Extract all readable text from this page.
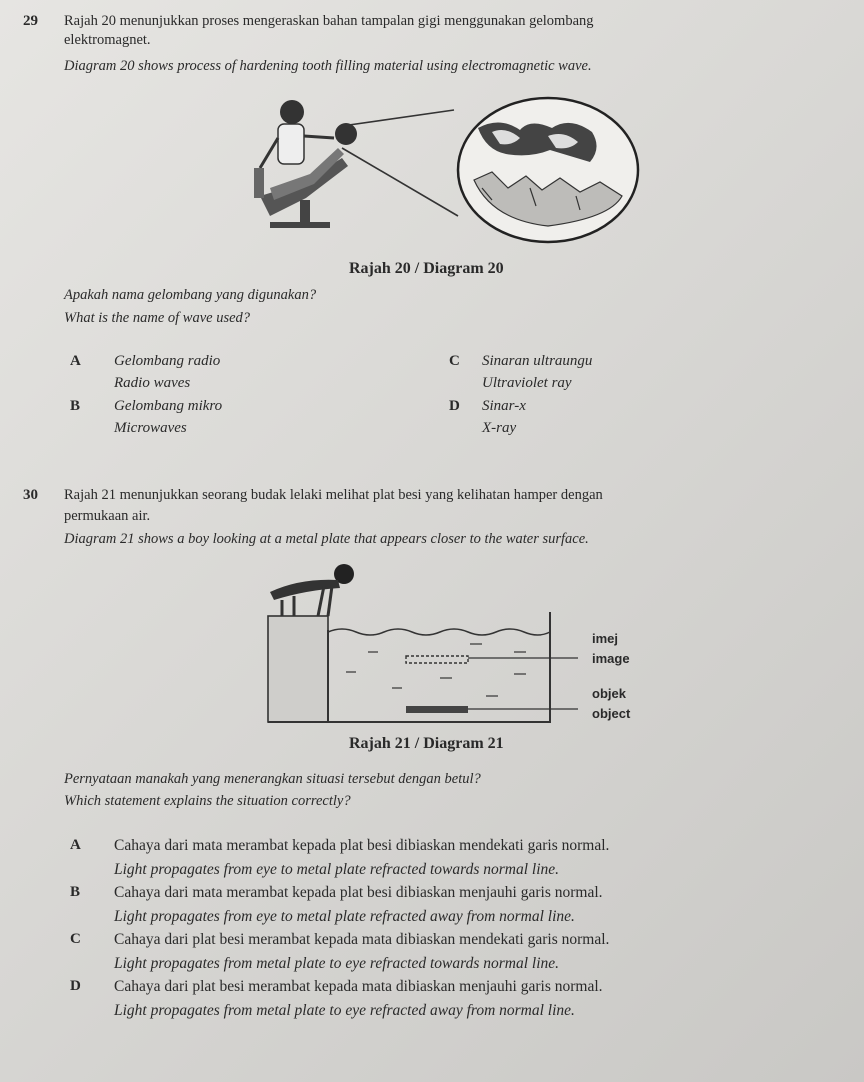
29 Rajah 20 menunjukkan proses mengeraskan bahan tampalan gigi menggunakan gelombang
elektromagnet.
Diagram 20 shows process of hardening tooth filling material using electromagnetic wave.
Rajah 20 / Diagram 20
Apakah nama gelombang yang digunakan?
What is the name of wave used?
A Gelombang radio
Radio waves
B Gelombang mikro
Microwaves
C Sinaran ultraungu
Ultraviolet ray
D Sinar-x
X-ray
30 Rajah 21 menunjukkan seorang budak lelaki melihat plat besi yang kelihatan hamper dengan
permukaan air.
Diagram 21 shows a boy looking at a metal plate that appears closer to the water surface.
imej
image
objek
object
Rajah 21 / Diagram 21
Pernyataan manakah yang menerangkan situasi tersebut dengan betul?
Which statement explains the situation correctly?
A Cahaya dari mata merambat kepada plat besi dibiaskan mendekati garis normal.
Light propagates from eye to metal plate refracted towards normal line.
B Cahaya dari mata merambat kepada plat besi dibiaskan menjauhi garis normal.
Light propagates from eye to metal plate refracted away from normal line.
C Cahaya dari plat besi merambat kepada mata dibiaskan mendekati garis normal.
Light propagates from metal plate to eye refracted towards normal line.
D Cahaya dari plat besi merambat kepada mata dibiaskan menjauhi garis normal.
Light propagates from metal plate to eye refracted away from normal line.
